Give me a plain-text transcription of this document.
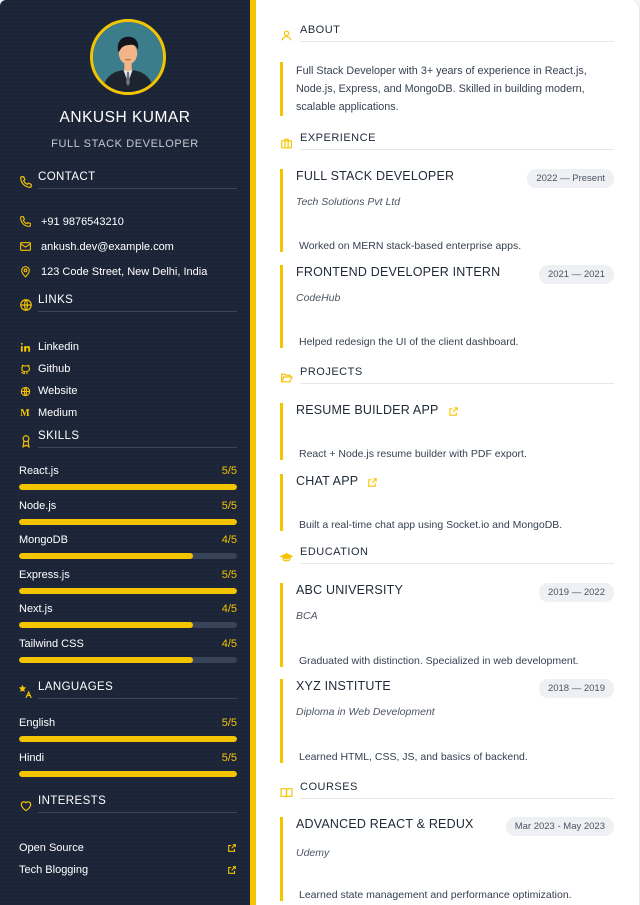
ANKUSH KUMAR
FULL STACK DEVELOPER
CONTACT
+91 9876543210
ankush.dev@example.com
123 Code Street, New Delhi, India
LINKS
Linkedin
Github
Website
M Medium
SKILLS
React.js	5/5
Node.js	5/5
MongoDB	4/5
Express.js	5/5
Next.js	4/5
Tailwind CSS	4/5
LANGUAGES
English	5/5
Hindi	5/5
INTERESTS
Open Source
Tech Blogging
ABOUT
Full Stack Developer with 3+ years of experience in React.js, Node.js, Express, and MongoDB. Skilled in building modern, scalable applications.
EXPERIENCE
FULL STACK DEVELOPER	2022 — Present
Tech Solutions Pvt Ltd
Worked on MERN stack-based enterprise apps.
FRONTEND DEVELOPER INTERN	2021 — 2021
CodeHub
Helped redesign the UI of the client dashboard.
PROJECTS
RESUME BUILDER APP
React + Node.js resume builder with PDF export.
CHAT APP
Built a real-time chat app using Socket.io and MongoDB.
EDUCATION
ABC UNIVERSITY	2019 — 2022
BCA
Graduated with distinction. Specialized in web development.
XYZ INSTITUTE	2018 — 2019
Diploma in Web Development
Learned HTML, CSS, JS, and basics of backend.
COURSES
ADVANCED REACT & REDUX	Mar 2023 - May 2023
Udemy
Learned state management and performance optimization.
